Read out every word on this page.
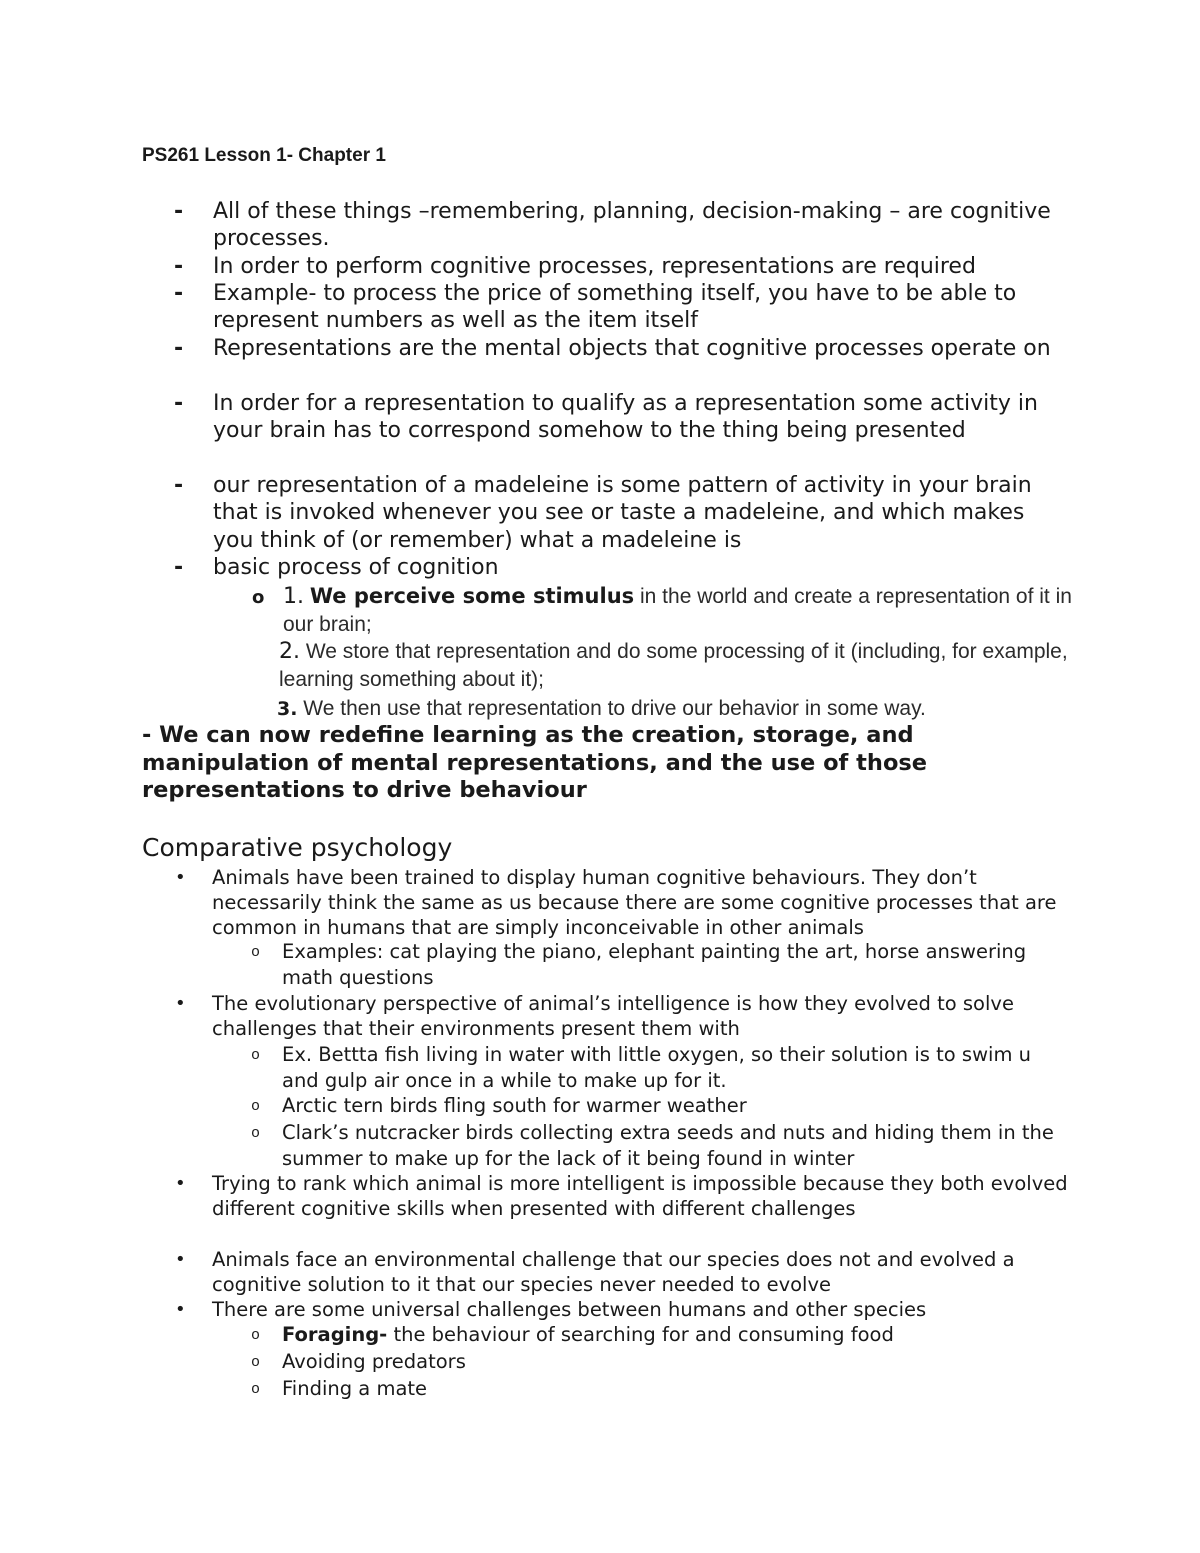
PS261 Lesson 1- Chapter 1
- All of these things –remembering, planning, decision-making – are cognitive processes.
- In order to perform cognitive processes, representations are required
- Example- to process the price of something itself, you have to be able to represent numbers as well as the item itself
- Representations are the mental objects that cognitive processes operate on
- In order for a representation to qualify as a representation some activity in your brain has to correspond somehow to the thing being presented
- our representation of a madeleine is some pattern of activity in your brain that is invoked whenever you see or taste a madeleine, and which makes you think of (or remember) what a madeleine is
- basic process of cognition
o 1. We perceive some stimulus in the world and create a representation of it in our brain;
2. We store that representation and do some processing of it (including, for example, learning something about it);
3. We then use that representation to drive our behavior in some way.
- We can now redefine learning as the creation, storage, and manipulation of mental representations, and the use of those representations to drive behaviour
Comparative psychology
• Animals have been trained to display human cognitive behaviours. They don’t necessarily think the same as us because there are some cognitive processes that are common in humans that are simply inconceivable in other animals
o Examples: cat playing the piano, elephant painting the art, horse answering math questions
• The evolutionary perspective of animal’s intelligence is how they evolved to solve challenges that their environments present them with
o Ex. Bettta fish living in water with little oxygen, so their solution is to swim u and gulp air once in a while to make up for it.
o Arctic tern birds fling south for warmer weather
o Clark’s nutcracker birds collecting extra seeds and nuts and hiding them in the summer to make up for the lack of it being found in winter
• Trying to rank which animal is more intelligent is impossible because they both evolved different cognitive skills when presented with different challenges
• Animals face an environmental challenge that our species does not and evolved a cognitive solution to it that our species never needed to evolve
• There are some universal challenges between humans and other species
o Foraging- the behaviour of searching for and consuming food
o Avoiding predators
o Finding a mate
